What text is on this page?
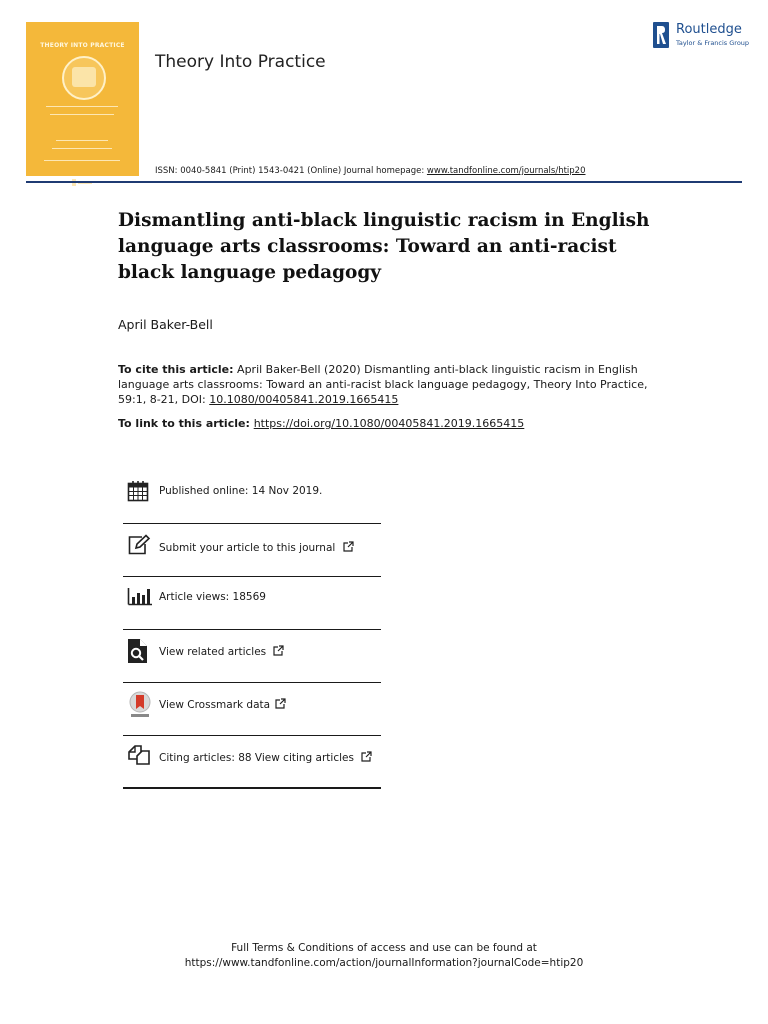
THEORY INTO PRACTICE
Theory Into Practice
Routledge
Taylor & Francis Group
ISSN: 0040-5841 (Print) 1543-0421 (Online) Journal homepage: www.tandfonline.com/journals/htip20
Dismantling anti-black linguistic racism in English language arts classrooms: Toward an anti-racist black language pedagogy
April Baker-Bell
To cite this article: April Baker-Bell (2020) Dismantling anti-black linguistic racism in English language arts classrooms: Toward an anti-racist black language pedagogy, Theory Into Practice, 59:1, 8-21, DOI: 10.1080/00405841.2019.1665415
To link to this article: https://doi.org/10.1080/00405841.2019.1665415
Published online: 14 Nov 2019.
Submit your article to this journal
Article views: 18569
View related articles
View Crossmark data
Citing articles: 88 View citing articles
Full Terms & Conditions of access and use can be found at
https://www.tandfonline.com/action/journalInformation?journalCode=htip20
